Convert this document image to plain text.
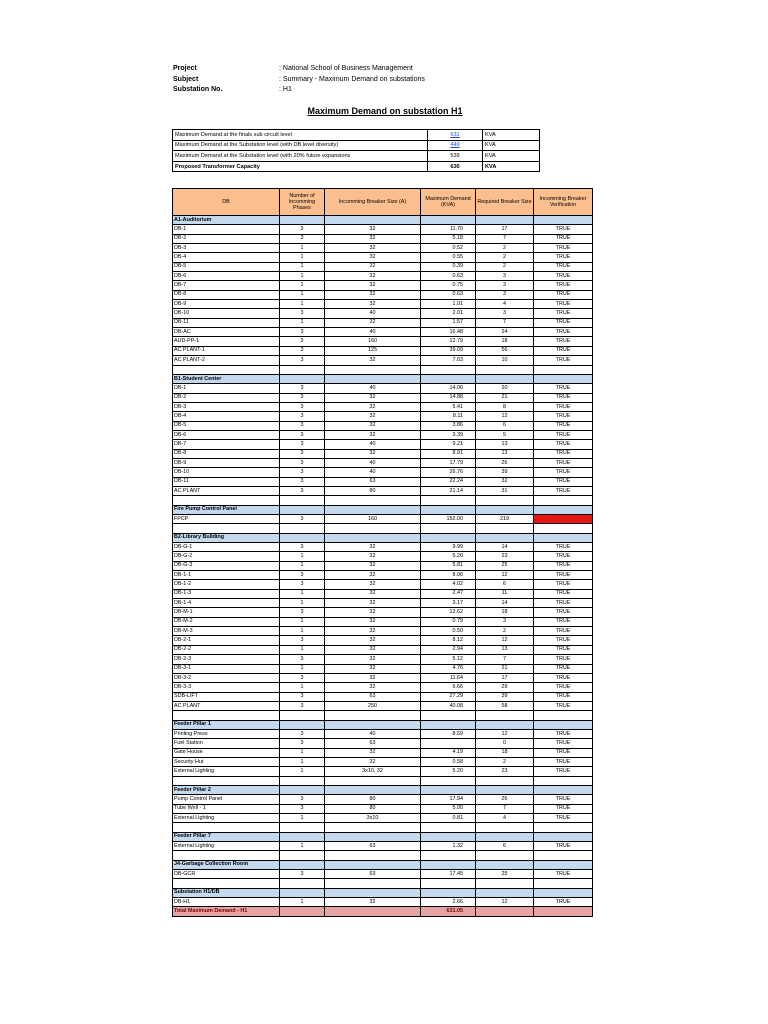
Project	: National School of Business Management
Subject	: Summary - Maximum Demand on substations
Substation No.	: H1
Maximum Demand on substation H1
Maximum Demand at the finals sub circuit level	631	KVA
Maximum Demand at the Substation level (with DB level diversity)	449	KVA
Maximum Demand at the Substation level (with 20% future expansions	539	KVA
Proposed Transformer Capacity	630	KVA
DB	Number of Incomming Phases	Incomming Breaker Size (A)	Maximum Demand (KVA)	Required Breaker Size	Incomming Breaker Verification
A1-Auditorium					
DB-1	3	32	11.70	17	TRUE
DB-2	3	32	5.18	7	TRUE
DB-3	1	32	0.52	2	TRUE
DB-4	1	32	0.55	2	TRUE
DB-5	1	32	0.39	2	TRUE
DB-6	1	32	0.63	3	TRUE
DB-7	1	32	0.75	3	TRUE
DB-8	1	32	0.63	3	TRUE
DB-9	1	32	1.01	4	TRUE
DB-10	3	40	2.01	3	TRUE
DB-11	1	32	1.57	7	TRUE
DB-AC	3	40	16.48	24	TRUE
AUD-PP-1	3	160	12.79	18	TRUE
AC PLANT-1	3	125	39.09	56	TRUE
AC PLANT-2	3	32	7.03	10	TRUE

B1-Student Center					
DB-1	3	40	14.06	20	TRUE
DB-2	3	32	14.88	21	TRUE
DB-3	3	32	5.41	8	TRUE
DB-4	3	32	8.11	12	TRUE
DB-5	3	32	3.86	6	TRUE
DB-6	3	32	3.39	5	TRUE
DB-7	3	40	9.21	13	TRUE
DB-8	3	32	8.91	13	TRUE
DB-9	3	40	17.79	26	TRUE
DB-10	3	40	26.76	39	TRUE
DB-11	3	63	22.24	32	TRUE
AC PLANT	3	80	21.14	31	TRUE

Fire Pump Control Panel					
FPCP	3	160	152.00	219	FALSE

B2-Library Building					
DB-G-1	3	32	9.99	14	TRUE
DB-G-2	1	32	5.20	23	TRUE
DB-G-3	1	32	5.81	25	TRUE
DB-1-1	3	32	8.06	12	TRUE
DB-1-2	3	32	4.02	6	TRUE
DB-1-3	1	32	2.47	11	TRUE
DB-1-4	1	32	3.17	14	TRUE
DB-M-1	3	32	12.62	18	TRUE
DB-M-2	1	32	0.79	3	TRUE
DB-M-3	1	32	0.50	2	TRUE
DB-2-1	3	32	8.12	12	TRUE
DB-2-2	1	32	2.94	13	TRUE
DB-2-3	3	32	5.12	7	TRUE
DB-3-1	1	32	4.76	21	TRUE
DB-3-2	3	32	11.64	17	TRUE
DB-3-3	1	32	6.66	29	TRUE
SDB-LIFT	3	63	27.29	39	TRUE
AC PLANT	3	250	40.08	58	TRUE

Feeder Pillar 1					
Printing Press	3	40	8.59	12	TRUE
Fuel Station	3	63		0	TRUE
Gate House	1	32	4.19	18	TRUE
Security Hut	1	32	0.58	2	TRUE
External Lighting	1	3x10, 32	5.20	23	TRUE

Feeder Pillar 2					
Pump Control Panel	3	80	17.94	26	TRUE
Tube Well - 1	3	80	5.00	7	TRUE
External Lighting	1	3x10	0.81	4	TRUE

Feeder Pillar 7					
External Lighting	1	63	1.32	6	TRUE

J4-Garbage Collection Room					
DB-GCR	3	63	17.45	25	TRUE

Substation H1/DB					
DB-H1	1	32	2.66	12	TRUE
Total Maximum Demand - H1			631.05		
